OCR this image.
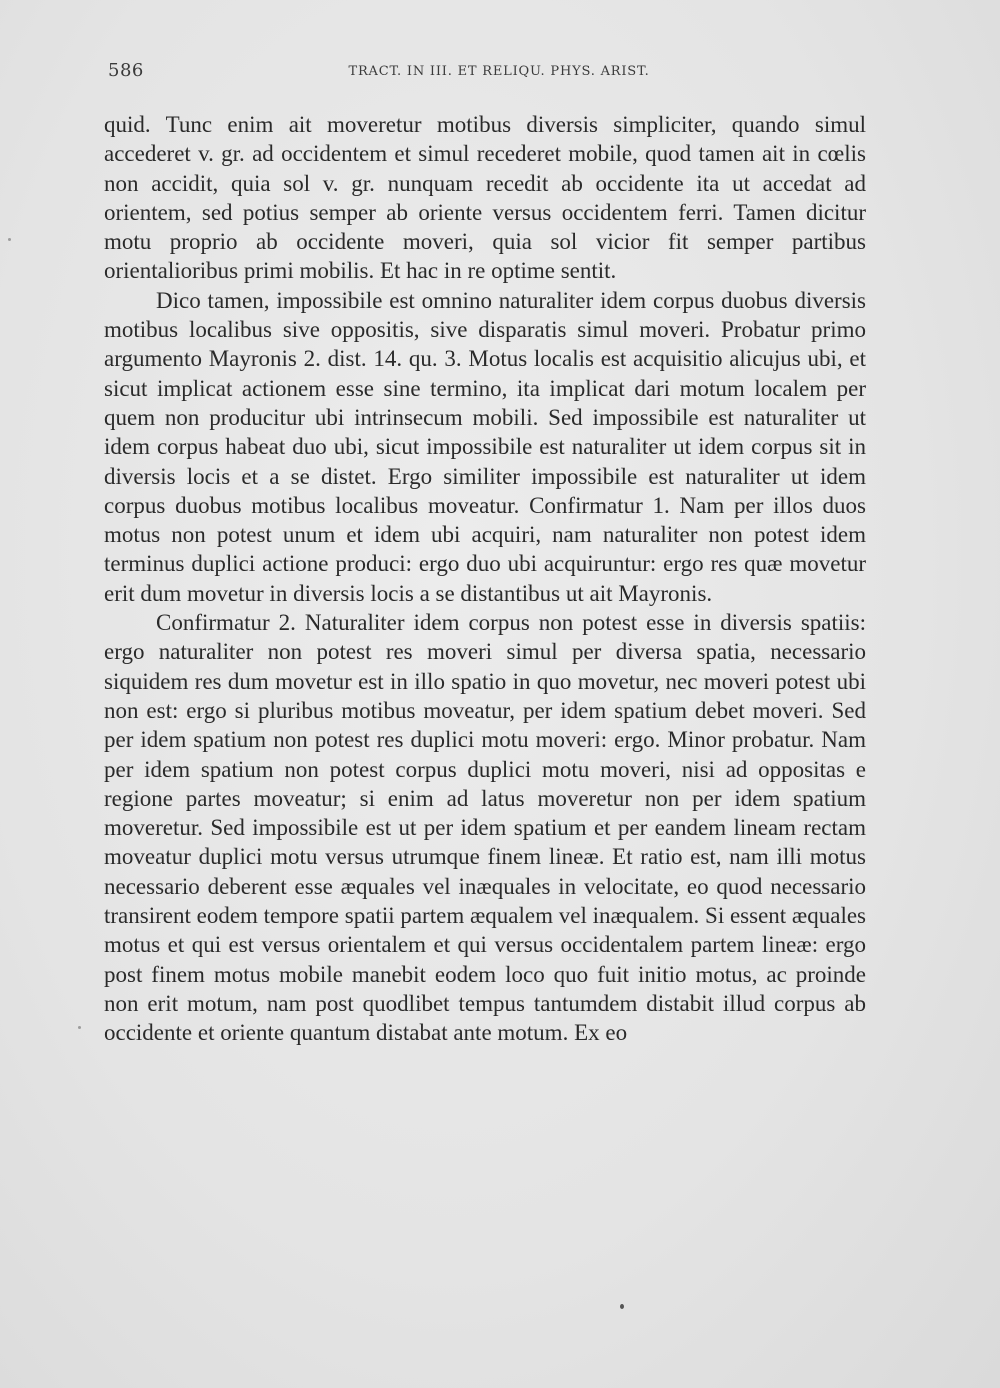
586	TRACT. IN III. ET RELIQU. PHYS. ARIST.

quid. Tunc enim ait moveretur motibus diversis simpliciter, quando simul accederet v. gr. ad occidentem et simul recederet mobile, quod tamen ait in cœlis non accidit, quia sol v. gr. nunquam recedit ab occidente ita ut accedat ad orientem, sed potius semper ab oriente versus occidentem ferri. Tamen dicitur motu proprio ab occidente moveri, quia sol vicior fit semper partibus orientalioribus primi mobilis. Et hac in re optime sentit.

Dico tamen, impossibile est omnino naturaliter idem corpus duobus diversis motibus localibus sive oppositis, sive disparatis simul moveri. Probatur primo argumento Mayronis 2. dist. 14. qu. 3. Motus localis est acquisitio alicujus ubi, et sicut implicat actionem esse sine termino, ita implicat dari motum localem per quem non producitur ubi intrinsecum mobili. Sed impossibile est naturaliter ut idem corpus habeat duo ubi, sicut impossibile est naturaliter ut idem corpus sit in diversis locis et a se distet. Ergo similiter impossibile est naturaliter ut idem corpus duobus motibus localibus moveatur. Confirmatur 1. Nam per illos duos motus non potest unum et idem ubi acquiri, nam naturaliter non potest idem terminus duplici actione produci: ergo duo ubi acquiruntur: ergo res quæ movetur erit dum movetur in diversis locis a se distantibus ut ait Mayronis.

Confirmatur 2. Naturaliter idem corpus non potest esse in diversis spatiis: ergo naturaliter non potest res moveri simul per diversa spatia, necessario siquidem res dum movetur est in illo spatio in quo movetur, nec moveri potest ubi non est: ergo si pluribus motibus moveatur, per idem spatium debet moveri. Sed per idem spatium non potest res duplici motu moveri: ergo. Minor probatur. Nam per idem spatium non potest corpus duplici motu moveri, nisi ad oppositas e regione partes moveatur; si enim ad latus moveretur non per idem spatium moveretur. Sed impossibile est ut per idem spatium et per eandem lineam rectam moveatur duplici motu versus utrumque finem lineæ. Et ratio est, nam illi motus necessario deberent esse æquales vel inæquales in velocitate, eo quod necessario transirent eodem tempore spatii partem æqualem vel inæqualem. Si essent æquales motus et qui est versus orientalem et qui versus occidentalem partem lineæ: ergo post finem motus mobile manebit eodem loco quo fuit initio motus, ac proinde non erit motum, nam post quodlibet tempus tantumdem distabit illud corpus ab occidente et oriente quantum distabat ante motum. Ex eo
